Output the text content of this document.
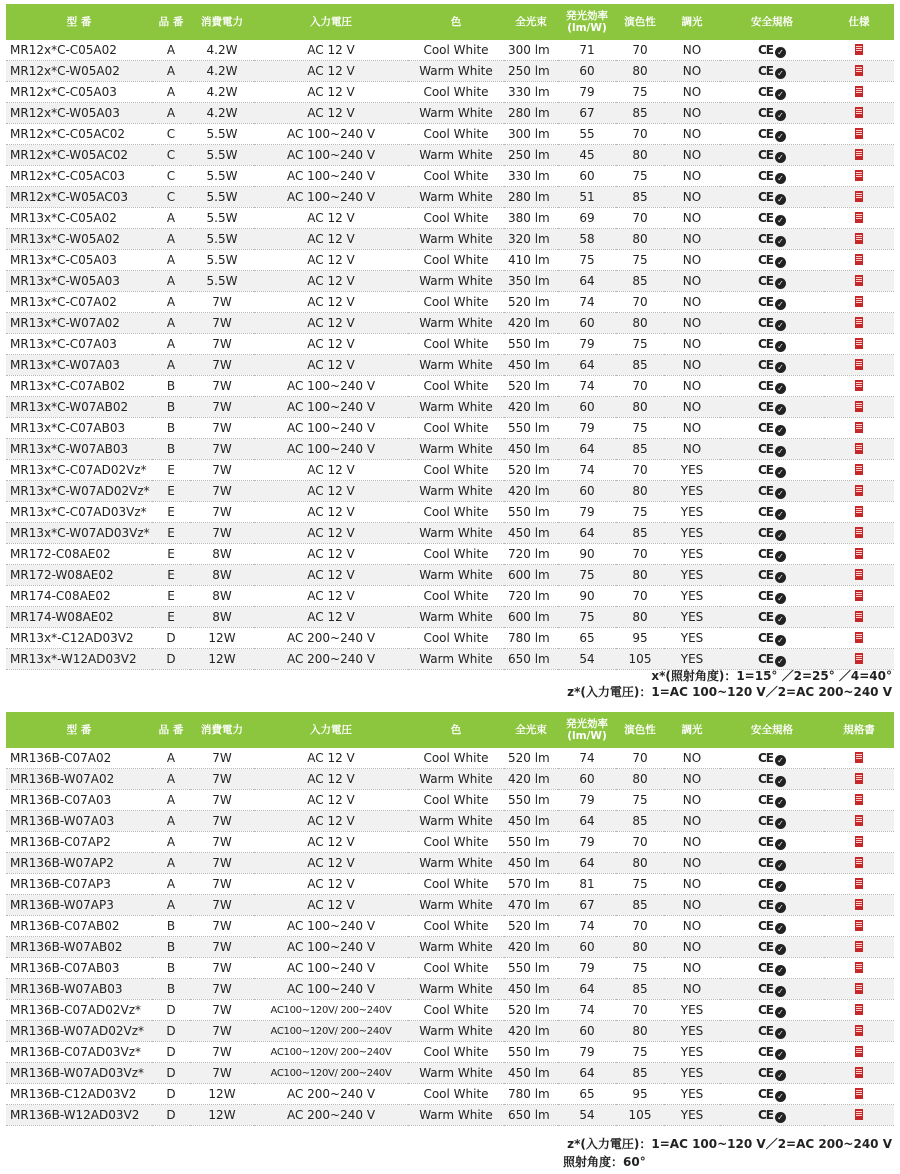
型 番	品 番	消費電力	入力電圧	色	全光束	発光効率
(lm/W)	演色性	調光	安全規格	仕様
MR12x*C-C05A02	A	4.2W	AC 12 V	Cool White	300 lm	71	70	NO	CE ✓	
MR12x*C-W05A02	A	4.2W	AC 12 V	Warm White	250 lm	60	80	NO	CE ✓	
MR12x*C-C05A03	A	4.2W	AC 12 V	Cool White	330 lm	79	75	NO	CE ✓	
MR12x*C-W05A03	A	4.2W	AC 12 V	Warm White	280 lm	67	85	NO	CE ✓	
MR12x*C-C05AC02	C	5.5W	AC 100~240 V	Cool White	300 lm	55	70	NO	CE ✓	
MR12x*C-W05AC02	C	5.5W	AC 100~240 V	Warm White	250 lm	45	80	NO	CE ✓	
MR12x*C-C05AC03	C	5.5W	AC 100~240 V	Cool White	330 lm	60	75	NO	CE ✓	
MR12x*C-W05AC03	C	5.5W	AC 100~240 V	Warm White	280 lm	51	85	NO	CE ✓	
MR13x*C-C05A02	A	5.5W	AC 12 V	Cool White	380 lm	69	70	NO	CE ✓	
MR13x*C-W05A02	A	5.5W	AC 12 V	Warm White	320 lm	58	80	NO	CE ✓	
MR13x*C-C05A03	A	5.5W	AC 12 V	Cool White	410 lm	75	75	NO	CE ✓	
MR13x*C-W05A03	A	5.5W	AC 12 V	Warm White	350 lm	64	85	NO	CE ✓	
MR13x*C-C07A02	A	7W	AC 12 V	Cool White	520 lm	74	70	NO	CE ✓	
MR13x*C-W07A02	A	7W	AC 12 V	Warm White	420 lm	60	80	NO	CE ✓	
MR13x*C-C07A03	A	7W	AC 12 V	Cool White	550 lm	79	75	NO	CE ✓	
MR13x*C-W07A03	A	7W	AC 12 V	Warm White	450 lm	64	85	NO	CE ✓	
MR13x*C-C07AB02	B	7W	AC 100~240 V	Cool White	520 lm	74	70	NO	CE ✓	
MR13x*C-W07AB02	B	7W	AC 100~240 V	Warm White	420 lm	60	80	NO	CE ✓	
MR13x*C-C07AB03	B	7W	AC 100~240 V	Cool White	550 lm	79	75	NO	CE ✓	
MR13x*C-W07AB03	B	7W	AC 100~240 V	Warm White	450 lm	64	85	NO	CE ✓	
MR13x*C-C07AD02Vz*	E	7W	AC 12 V	Cool White	520 lm	74	70	YES	CE ✓	
MR13x*C-W07AD02Vz*	E	7W	AC 12 V	Warm White	420 lm	60	80	YES	CE ✓	
MR13x*C-C07AD03Vz*	E	7W	AC 12 V	Cool White	550 lm	79	75	YES	CE ✓	
MR13x*C-W07AD03Vz*	E	7W	AC 12 V	Warm White	450 lm	64	85	YES	CE ✓	
MR172-C08AE02	E	8W	AC 12 V	Cool White	720 lm	90	70	YES	CE ✓	
MR172-W08AE02	E	8W	AC 12 V	Warm White	600 lm	75	80	YES	CE ✓	
MR174-C08AE02	E	8W	AC 12 V	Cool White	720 lm	90	70	YES	CE ✓	
MR174-W08AE02	E	8W	AC 12 V	Warm White	600 lm	75	80	YES	CE ✓	
MR13x*-C12AD03V2	D	12W	AC 200~240 V	Cool White	780 lm	65	95	YES	CE ✓	
MR13x*-W12AD03V2	D	12W	AC 200~240 V	Warm White	650 lm	54	105	YES	CE ✓	
x*(照射角度)：1=15° ／2=25° ／4=40°
z*(入力電圧)：1=AC 100~120 V／2=AC 200~240 V
型 番	品 番	消費電力	入力電圧	色	全光束	発光効率
(lm/W)	演色性	調光	安全規格	規格書
MR136B-C07A02	A	7W	AC 12 V	Cool White	520 lm	74	70	NO	CE ✓	
MR136B-W07A02	A	7W	AC 12 V	Warm White	420 lm	60	80	NO	CE ✓	
MR136B-C07A03	A	7W	AC 12 V	Cool White	550 lm	79	75	NO	CE ✓	
MR136B-W07A03	A	7W	AC 12 V	Warm White	450 lm	64	85	NO	CE ✓	
MR136B-C07AP2	A	7W	AC 12 V	Cool White	550 lm	79	70	NO	CE ✓	
MR136B-W07AP2	A	7W	AC 12 V	Warm White	450 lm	64	80	NO	CE ✓	
MR136B-C07AP3	A	7W	AC 12 V	Cool White	570 lm	81	75	NO	CE ✓	
MR136B-W07AP3	A	7W	AC 12 V	Warm White	470 lm	67	85	NO	CE ✓	
MR136B-C07AB02	B	7W	AC 100~240 V	Cool White	520 lm	74	70	NO	CE ✓	
MR136B-W07AB02	B	7W	AC 100~240 V	Warm White	420 lm	60	80	NO	CE ✓	
MR136B-C07AB03	B	7W	AC 100~240 V	Cool White	550 lm	79	75	NO	CE ✓	
MR136B-W07AB03	B	7W	AC 100~240 V	Warm White	450 lm	64	85	NO	CE ✓	
MR136B-C07AD02Vz*	D	7W	AC100~120V/ 200~240V	Cool White	520 lm	74	70	YES	CE ✓	
MR136B-W07AD02Vz*	D	7W	AC100~120V/ 200~240V	Warm White	420 lm	60	80	YES	CE ✓	
MR136B-C07AD03Vz*	D	7W	AC100~120V/ 200~240V	Cool White	550 lm	79	75	YES	CE ✓	
MR136B-W07AD03Vz*	D	7W	AC100~120V/ 200~240V	Warm White	450 lm	64	85	YES	CE ✓	
MR136B-C12AD03V2	D	12W	AC 200~240 V	Cool White	780 lm	65	95	YES	CE ✓	
MR136B-W12AD03V2	D	12W	AC 200~240 V	Warm White	650 lm	54	105	YES	CE ✓	
z*(入力電圧)：1=AC 100~120 V／2=AC 200~240 V
照射角度：60°
